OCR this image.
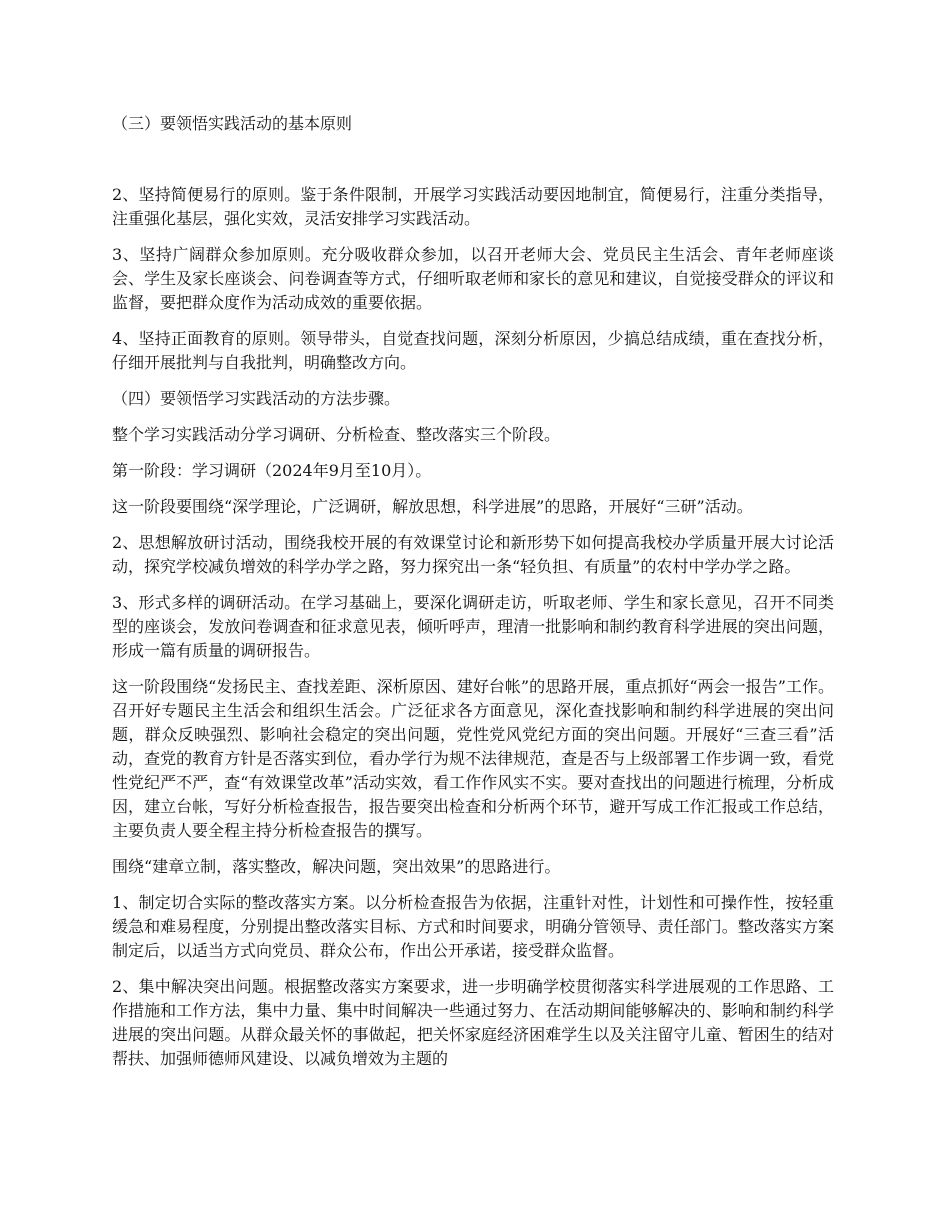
（三）要领悟实践活动的基本原则

2、坚持简便易行的原则。鉴于条件限制，开展学习实践活动要因地制宜，简便易行，注重分类指导，注重强化基层，强化实效，灵活安排学习实践活动。

3、坚持广阔群众参加原则。充分吸收群众参加，以召开老师大会、党员民主生活会、青年老师座谈会、学生及家长座谈会、问卷调查等方式，仔细听取老师和家长的意见和建议，自觉接受群众的评议和监督，要把群众度作为活动成效的重要依据。

4、坚持正面教育的原则。领导带头，自觉查找问题，深刻分析原因，少搞总结成绩，重在查找分析，仔细开展批判与自我批判，明确整改方向。

（四）要领悟学习实践活动的方法步骤。

整个学习实践活动分学习调研、分析检查、整改落实三个阶段。

第一阶段：学习调研（2024年9月至10月）。

这一阶段要围绕“深学理论，广泛调研，解放思想，科学进展”的思路，开展好“三研”活动。

2、思想解放研讨活动，围绕我校开展的有效课堂讨论和新形势下如何提高我校办学质量开展大讨论活动，探究学校减负增效的科学办学之路，努力探究出一条“轻负担、有质量”的农村中学办学之路。

3、形式多样的调研活动。在学习基础上，要深化调研走访，听取老师、学生和家长意见，召开不同类型的座谈会，发放问卷调查和征求意见表，倾听呼声，理清一批影响和制约教育科学进展的突出问题，形成一篇有质量的调研报告。

这一阶段围绕“发扬民主、查找差距、深析原因、建好台帐”的思路开展，重点抓好“两会一报告”工作。召开好专题民主生活会和组织生活会。广泛征求各方面意见，深化查找影响和制约科学进展的突出问题，群众反映强烈、影响社会稳定的突出问题，党性党风党纪方面的突出问题。开展好“三查三看”活动，查党的教育方针是否落实到位，看办学行为规不法律规范，查是否与上级部署工作步调一致，看党性党纪严不严，查“有效课堂改革”活动实效，看工作作风实不实。要对查找出的问题进行梳理，分析成因，建立台帐，写好分析检查报告，报告要突出检查和分析两个环节，避开写成工作汇报或工作总结，主要负责人要全程主持分析检查报告的撰写。

围绕“建章立制，落实整改，解决问题，突出效果”的思路进行。

1、制定切合实际的整改落实方案。以分析检查报告为依据，注重针对性，计划性和可操作性，按轻重缓急和难易程度，分别提出整改落实目标、方式和时间要求，明确分管领导、责任部门。整改落实方案制定后，以适当方式向党员、群众公布，作出公开承诺，接受群众监督。

2、集中解决突出问题。根据整改落实方案要求，进一步明确学校贯彻落实科学进展观的工作思路、工作措施和工作方法，集中力量、集中时间解决一些通过努力、在活动期间能够解决的、影响和制约科学进展的突出问题。从群众最关怀的事做起，把关怀家庭经济困难学生以及关注留守儿童、暂困生的结对帮扶、加强师德师风建设、以减负增效为主题的
